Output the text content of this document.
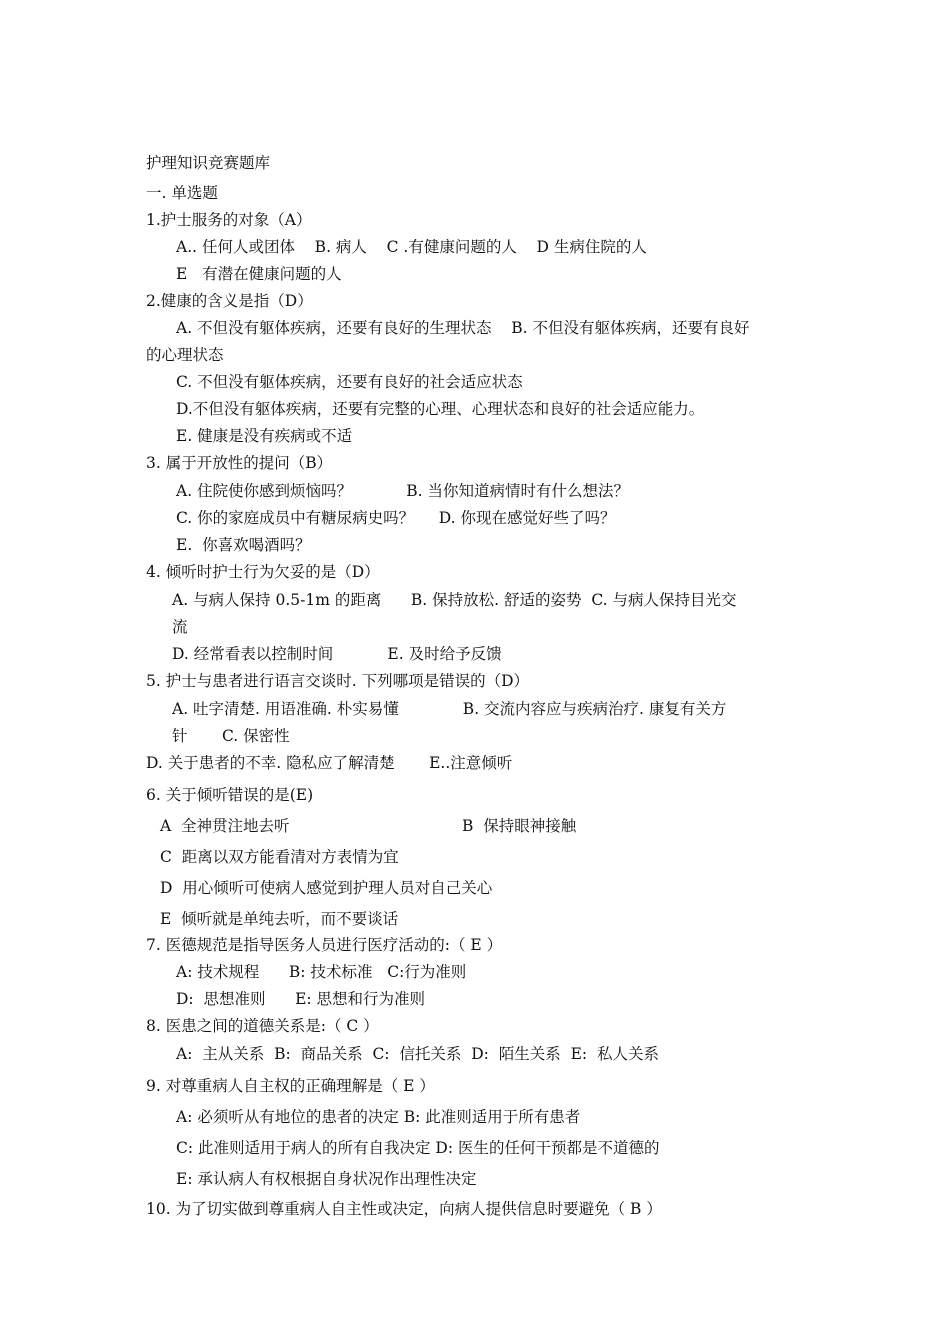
护理知识竞赛题库

一. 单选题

1.护士服务的对象（A）

A.. 任何人或团体    B. 病人    C .有健康问题的人    D 生病住院的人

E   有潜在健康问题的人

2.健康的含义是指（D）

A. 不但没有躯体疾病，还要有良好的生理状态    B. 不但没有躯体疾病，还要有良好

的心理状态

C. 不但没有躯体疾病，还要有良好的社会适应状态

D.不但没有躯体疾病，还要有完整的心理、心理状态和良好的社会适应能力。

E. 健康是没有疾病或不适

3. 属于开放性的提问（B）

A. 住院使你感到烦恼吗？           B. 当你知道病情时有什么想法？

C. 你的家庭成员中有糖尿病史吗？     D. 你现在感觉好些了吗？

E.  你喜欢喝酒吗？

4. 倾听时护士行为欠妥的是（D）

A. 与病人保持 0.5-1m 的距离      B. 保持放松. 舒适的姿势  C. 与病人保持目光交

流

D. 经常看表以控制时间           E. 及时给予反馈

5. 护士与患者进行语言交谈时. 下列哪项是错误的（D）

A. 吐字清楚. 用语准确. 朴实易懂             B. 交流内容应与疾病治疗. 康复有关方

针       C. 保密性

D. 关于患者的不幸. 隐私应了解清楚       E..注意倾听

6. 关于倾听错误的是(E)

A  全神贯注地去听	B  保持眼神接触

C  距离以双方能看清对方表情为宜

D  用心倾听可使病人感觉到护理人员对自己关心

E  倾听就是单纯去听，而不要谈话

7. 医德规范是指导医务人员进行医疗活动的:（ E ）

A: 技术规程      B: 技术标准   C:行为准则

D:  思想准则      E: 思想和行为准则

8. 医患之间的道德关系是:（ C ）

A:  主从关系  B:  商品关系  C:  信托关系  D:  陌生关系  E:  私人关系

9. 对尊重病人自主权的正确理解是（ E ）

A: 必须听从有地位的患者的决定 B: 此准则适用于所有患者

C: 此准则适用于病人的所有自我决定 D: 医生的任何干预都是不道德的

E: 承认病人有权根据自身状况作出理性决定

10. 为了切实做到尊重病人自主性或决定，向病人提供信息时要避免（ B ）
